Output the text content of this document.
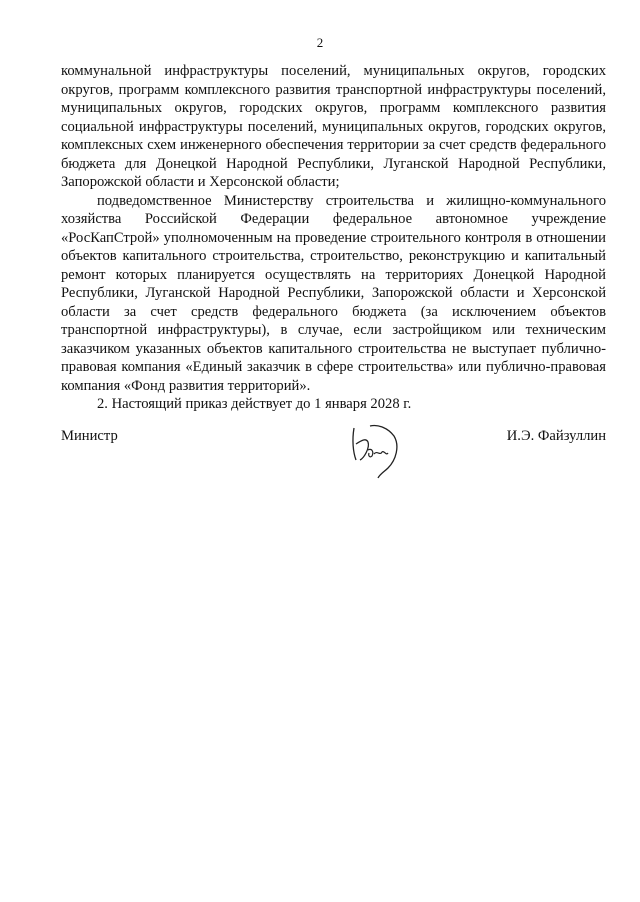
2

коммунальной инфраструктуры поселений, муниципальных округов, городских округов, программ комплексного развития транспортной инфраструктуры поселений, муниципальных округов, городских округов, программ комплексного развития социальной инфраструктуры поселений, муниципальных округов, городских округов, комплексных схем инженерного обеспечения территории за счет средств федерального бюджета для Донецкой Народной Республики, Луганской Народной Республики, Запорожской области и Херсонской области;

подведомственное Министерству строительства и жилищно-коммунального хозяйства Российской Федерации федеральное автономное учреждение «РосКапСтрой» уполномоченным на проведение строительного контроля в отношении объектов капитального строительства, строительство, реконструкцию и капитальный ремонт которых планируется осуществлять на территориях Донецкой Народной Республики, Луганской Народной Республики, Запорожской области и Херсонской области за счет средств федерального бюджета (за исключением объектов транспортной инфраструктуры), в случае, если застройщиком или техническим заказчиком указанных объектов капитального строительства не выступает публично-правовая компания «Единый заказчик в сфере строительства» или публично-правовая компания «Фонд развития территорий».

2. Настоящий приказ действует до 1 января 2028 г.

Министр	И.Э. Файзуллин
